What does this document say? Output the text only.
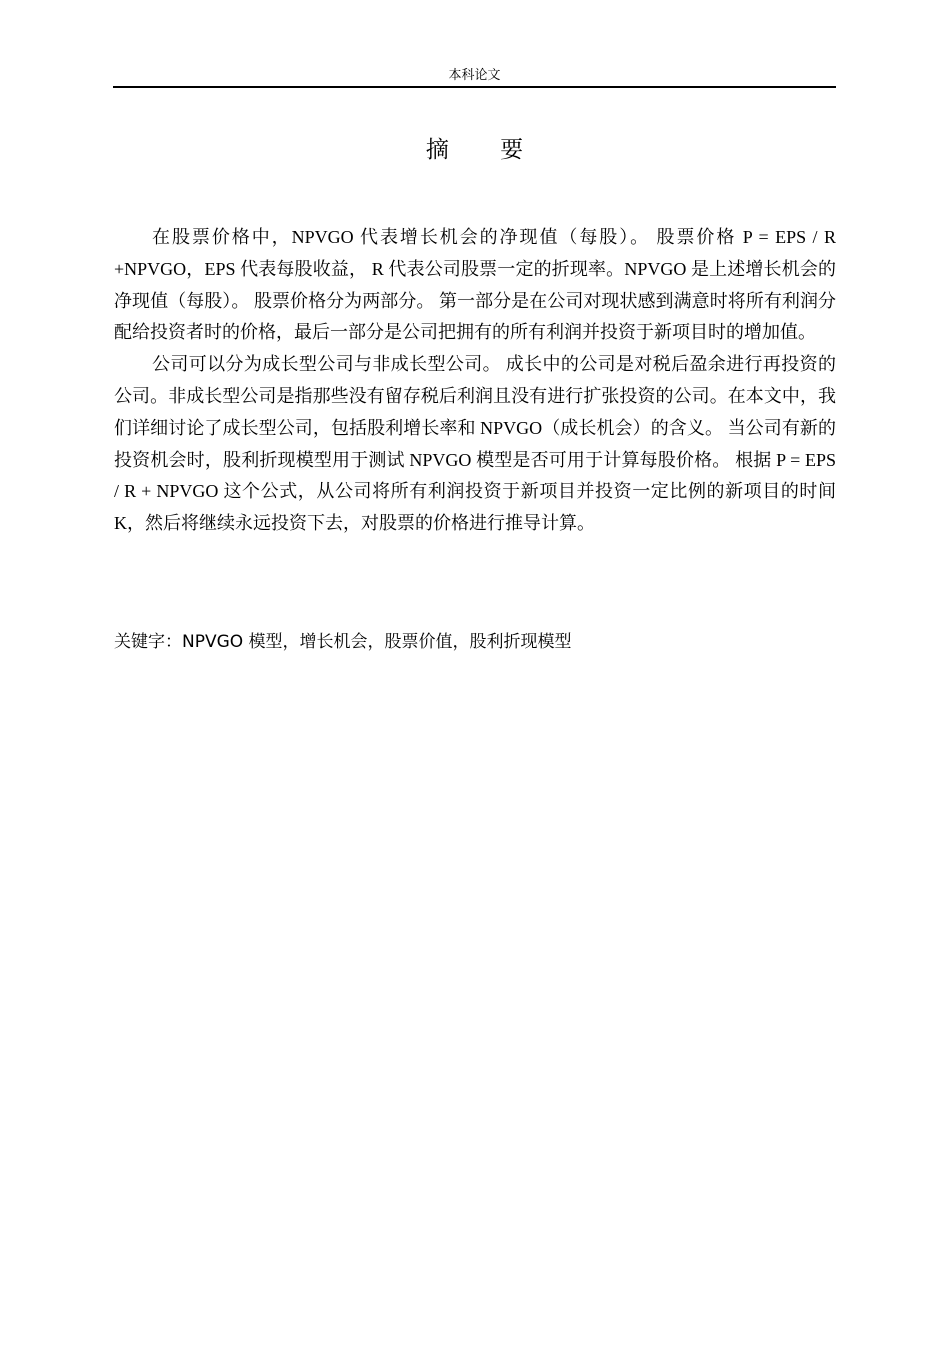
本科论文
摘 要

在股票价格中，NPVGO 代表增长机会的净现值（每股）。 股票价格 P = EPS / R +NPVGO，EPS 代表每股收益， R 代表公司股票一定的折现率。NPVGO 是上述增长机会的净现值（每股）。 股票价格分为两部分。 第一部分是在公司对现状感到满意时将所有利润分配给投资者时的价格，最后一部分是公司把拥有的所有利润并投资于新项目时的增加值。

公司可以分为成长型公司与非成长型公司。 成长中的公司是对税后盈余进行再投资的公司。非成长型公司是指那些没有留存税后利润且没有进行扩张投资的公司。在本文中，我们详细讨论了成长型公司，包括股利增长率和 NPVGO（成长机会）的含义。 当公司有新的投资机会时，股利折现模型用于测试 NPVGO 模型是否可用于计算每股价格。 根据 P = EPS / R + NPVGO 这个公式，从公司将所有利润投资于新项目并投资一定比例的新项目的时间 K，然后将继续永远投资下去，对股票的价格进行推导计算。

关键字：NPVGO 模型，增长机会，股票价值，股利折现模型
